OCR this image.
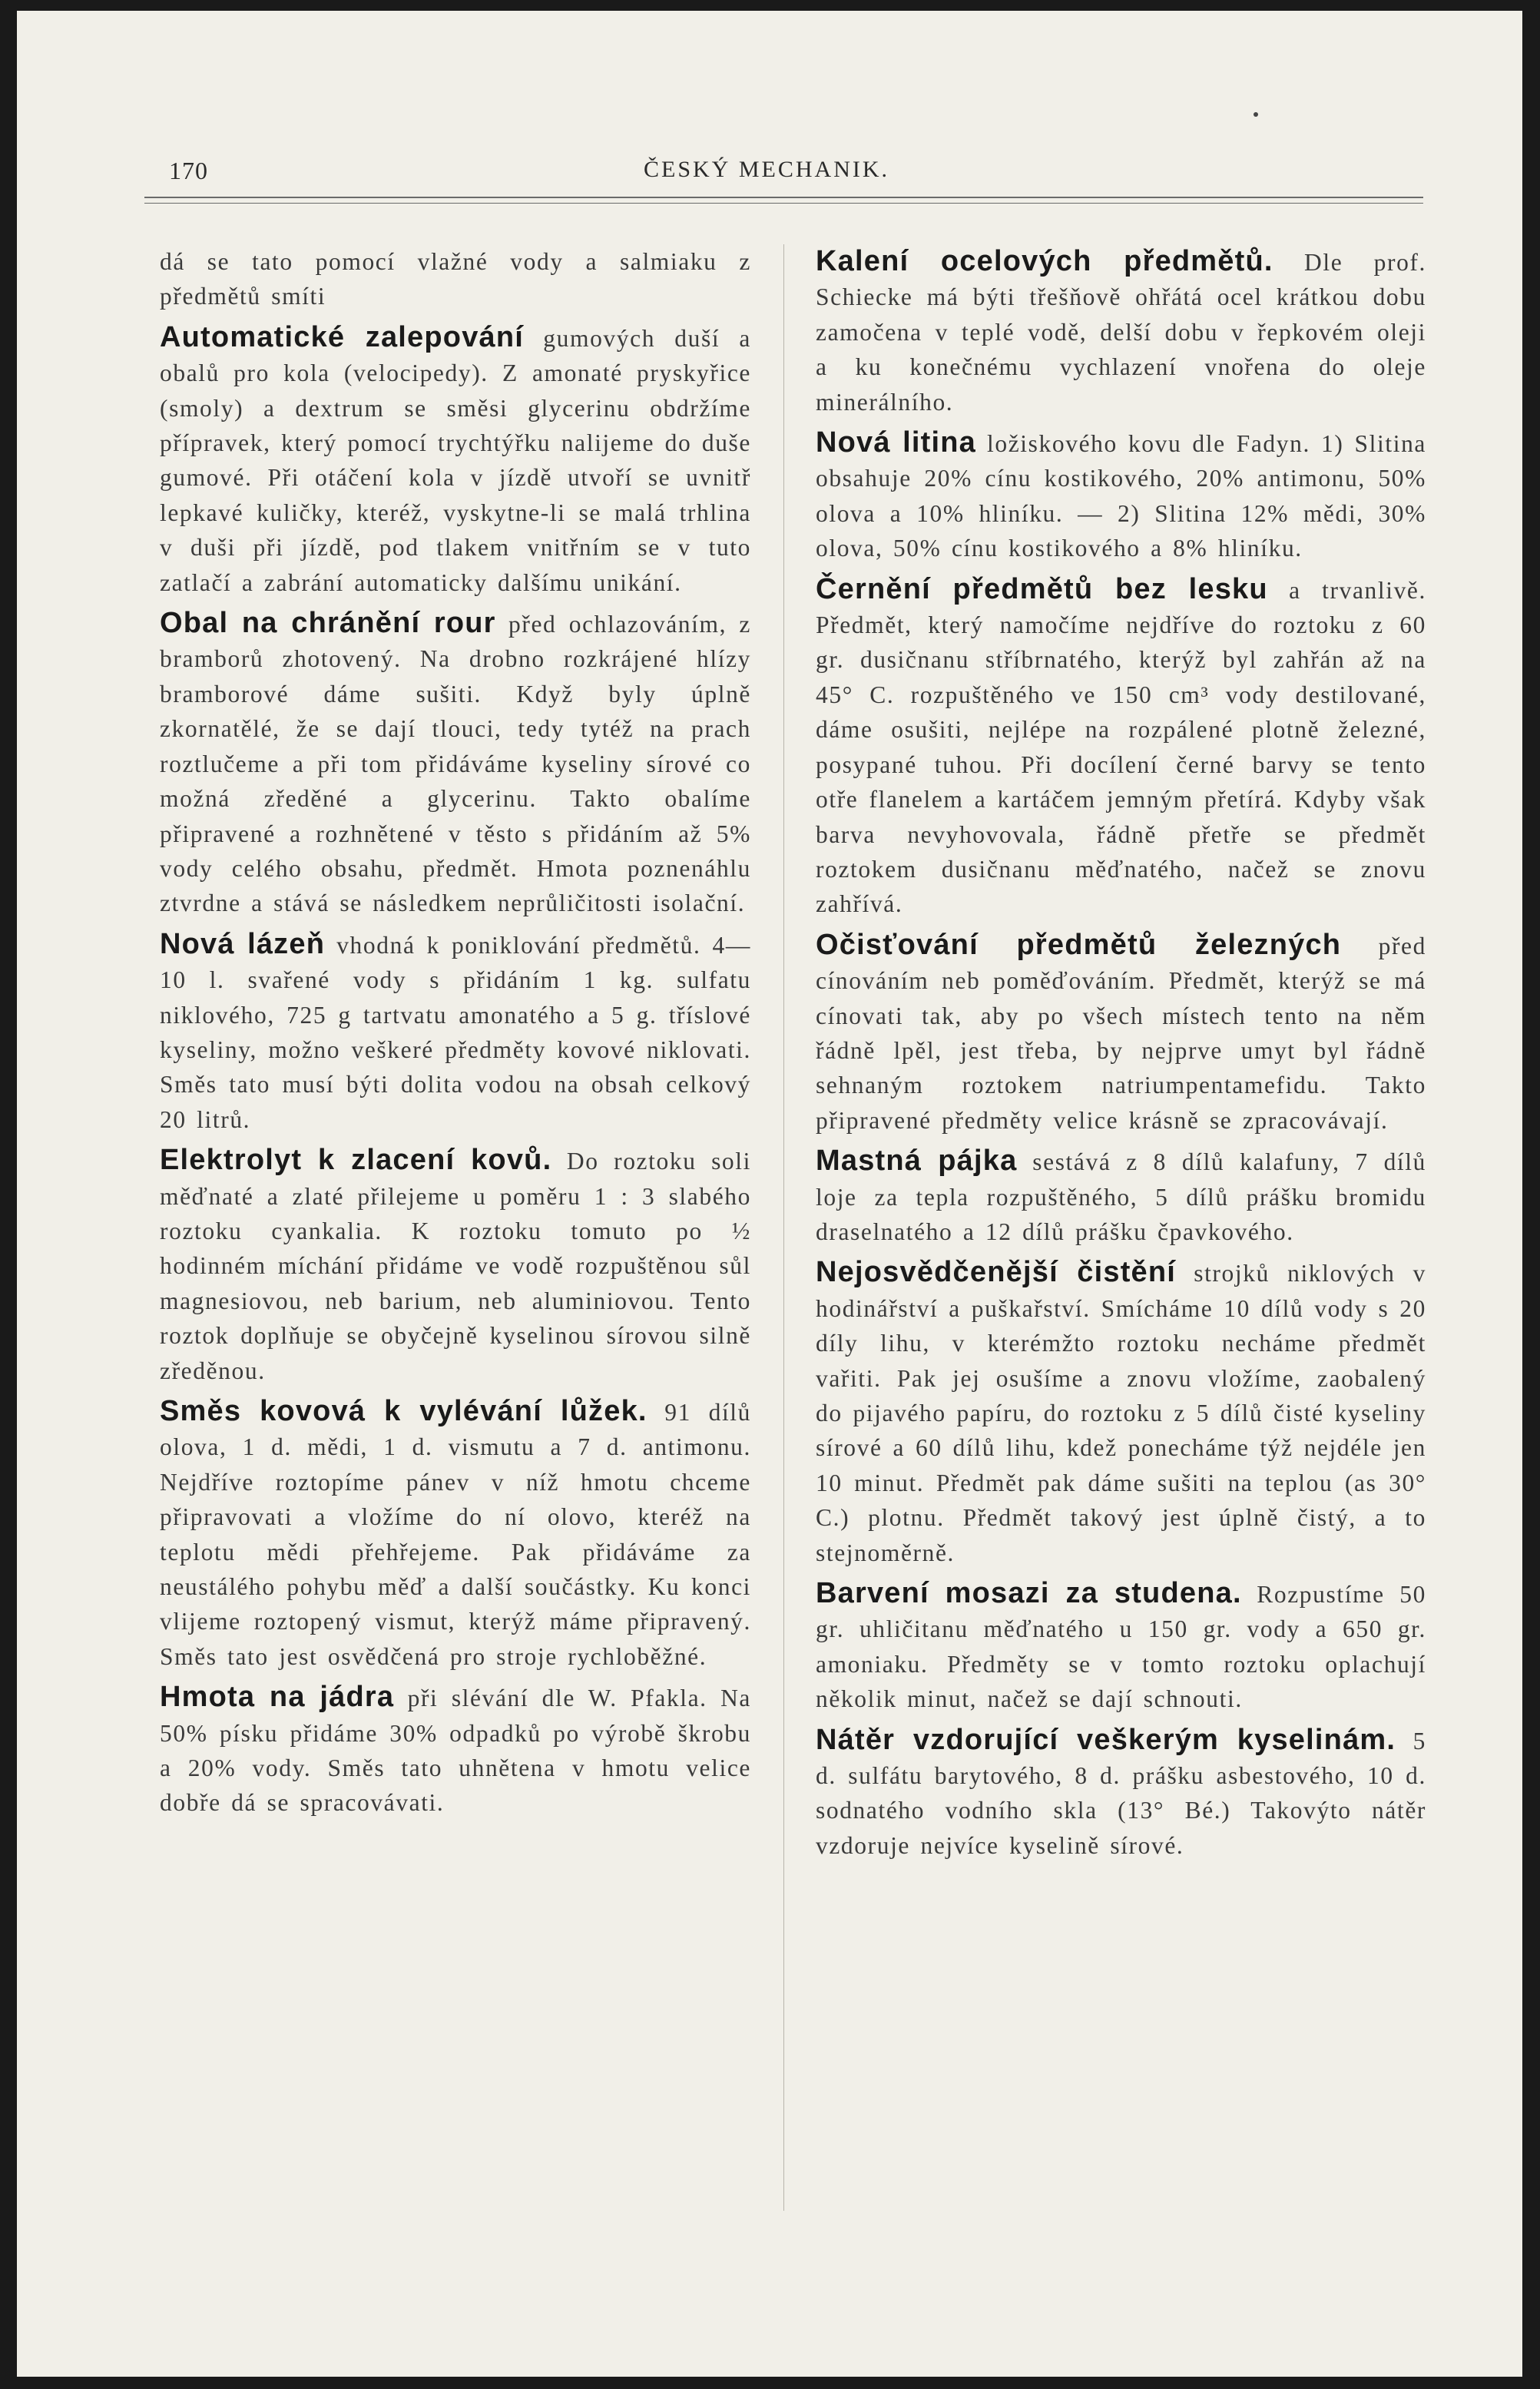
170	ČESKÝ MECHANIK.

dá se tato pomocí vlažné vody a salmiaku z předmětů smíti

Automatické zalepování gumových duší a obalů pro kola (velocipedy). Z amonaté pryskyřice (smoly) a dextrum se směsi glycerinu obdržíme přípravek, který pomocí trychtýřku nalijeme do duše gumové. Při otáčení kola v jízdě utvoří se uvnitř lepkavé kuličky, kteréž, vyskytne-li se malá trhlina v duši při jízdě, pod tlakem vnitřním se v tuto zatlačí a zabrání automaticky dalšímu unikání.

Obal na chránění rour před ochlazováním, z bramborů zhotovený. Na drobno rozkrájené hlízy bramborové dáme sušiti. Když byly úplně zkornatělé, že se dají tlouci, tedy tytéž na prach roztlučeme a při tom přidáváme kyseliny sírové co možná zředěné a glycerinu. Takto obalíme připravené a rozhnětené v těsto s přidáním až 5% vody celého obsahu, předmět. Hmota poznenáhlu ztvrdne a stává se následkem neprůličitosti isolační.

Nová lázeň vhodná k poniklování předmětů. 4—10 l. svařené vody s přidáním 1 kg. sulfatu niklového, 725 g tartvatu amonatého a 5 g. tříslové kyseliny, možno veškeré předměty kovové niklovati. Směs tato musí býti dolita vodou na obsah celkový 20 litrů.

Elektrolyt k zlacení kovů. Do roztoku soli měďnaté a zlaté přilejeme u poměru 1 : 3 slabého roztoku cyankalia. K roztoku tomuto po ½ hodinném míchání přidáme ve vodě rozpuštěnou sůl magnesiovou, neb barium, neb aluminiovou. Tento roztok doplňuje se obyčejně kyselinou sírovou silně zředěnou.

Směs kovová k vylévání lůžek. 91 dílů olova, 1 d. mědi, 1 d. vismutu a 7 d. antimonu. Nejdříve roztopíme pánev v níž hmotu chceme připravovati a vložíme do ní olovo, kteréž na teplotu mědi přehřejeme. Pak přidáváme za neustálého pohybu měď a další součástky. Ku konci vlijeme roztopený vismut, kterýž máme připravený. Směs tato jest osvědčená pro stroje rychloběžné.

Hmota na jádra při slévání dle W. Pfakla. Na 50% písku přidáme 30% odpadků po výrobě škrobu a 20% vody. Směs tato uhnětena v hmotu velice dobře dá se spracovávati.

Kalení ocelových předmětů. Dle prof. Schiecke má býti třešňově ohřátá ocel krátkou dobu zamočena v teplé vodě, delší dobu v řepkovém oleji a ku konečnému vychlazení vnořena do oleje minerálního.

Nová litina ložiskového kovu dle Fadyn. 1) Slitina obsahuje 20% cínu kostikového, 20% antimonu, 50% olova a 10% hliníku. — 2) Slitina 12% mědi, 30% olova, 50% cínu kostikového a 8% hliníku.

Černění předmětů bez lesku a trvanlivě. Předmět, který namočíme nejdříve do roztoku z 60 gr. dusičnanu stříbrnatého, kterýž byl zahřán až na 45° C. rozpuštěného ve 150 cm³ vody destilované, dáme osušiti, nejlépe na rozpálené plotně železné, posypané tuhou. Při docílení černé barvy se tento otře flanelem a kartáčem jemným přetírá. Kdyby však barva nevyhovovala, řádně přetře se předmět roztokem dusičnanu měďnatého, načež se znovu zahřívá.

Očisťování předmětů železných před cínováním neb poměďováním. Předmět, kterýž se má cínovati tak, aby po všech místech tento na něm řádně lpěl, jest třeba, by nejprve umyt byl řádně sehnaným roztokem natriumpentamefidu. Takto připravené předměty velice krásně se zpracovávají.

Mastná pájka sestává z 8 dílů kalafuny, 7 dílů loje za tepla rozpuštěného, 5 dílů prášku bromidu draselnatého a 12 dílů prášku čpavkového.

Nejosvědčenější čistění strojků niklových v hodinářství a puškařství. Smícháme 10 dílů vody s 20 díly lihu, v kterémžto roztoku necháme předmět vařiti. Pak jej osušíme a znovu vložíme, zaobalený do pijavého papíru, do roztoku z 5 dílů čisté kyseliny sírové a 60 dílů lihu, kdež ponecháme týž nejdéle jen 10 minut. Předmět pak dáme sušiti na teplou (as 30° C.) plotnu. Předmět takový jest úplně čistý, a to stejnoměrně.

Barvení mosazi za studena. Rozpustíme 50 gr. uhličitanu měďnatého u 150 gr. vody a 650 gr. amoniaku. Předměty se v tomto roztoku oplachují několik minut, načež se dají schnouti.

Nátěr vzdorující veškerým kyselinám. 5 d. sulfátu barytového, 8 d. prášku asbestového, 10 d. sodnatého vodního skla (13° Bé.) Takovýto nátěr vzdoruje nejvíce kyselině sírové.
